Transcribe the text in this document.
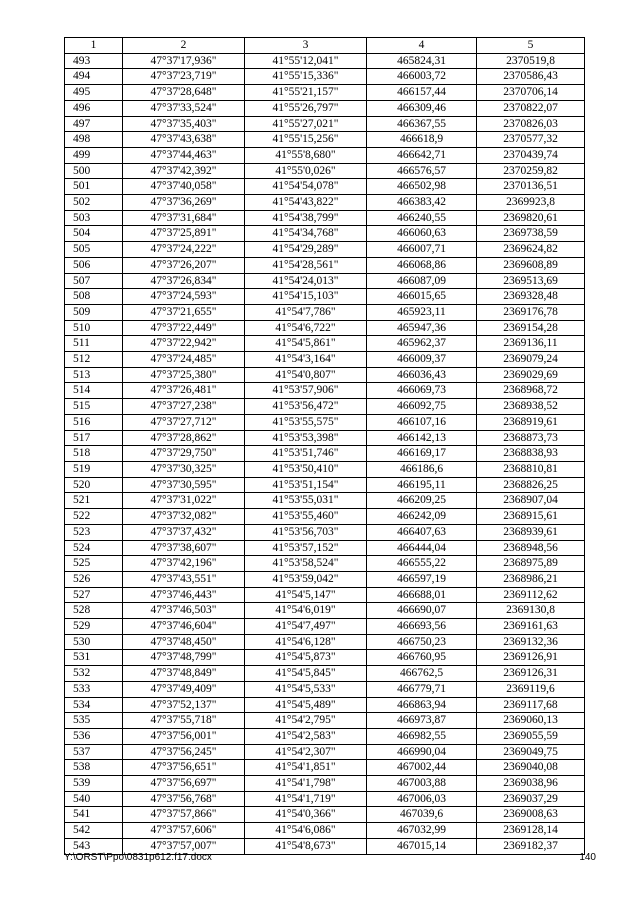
1	2	3	4	5
493	47°37'17,936"	41°55'12,041"	465824,31	2370519,8
494	47°37'23,719"	41°55'15,336"	466003,72	2370586,43
495	47°37'28,648"	41°55'21,157"	466157,44	2370706,14
496	47°37'33,524"	41°55'26,797"	466309,46	2370822,07
497	47°37'35,403"	41°55'27,021"	466367,55	2370826,03
498	47°37'43,638"	41°55'15,256"	466618,9	2370577,32
499	47°37'44,463"	41°55'8,680"	466642,71	2370439,74
500	47°37'42,392"	41°55'0,026"	466576,57	2370259,82
501	47°37'40,058"	41°54'54,078"	466502,98	2370136,51
502	47°37'36,269"	41°54'43,822"	466383,42	2369923,8
503	47°37'31,684"	41°54'38,799"	466240,55	2369820,61
504	47°37'25,891"	41°54'34,768"	466060,63	2369738,59
505	47°37'24,222"	41°54'29,289"	466007,71	2369624,82
506	47°37'26,207"	41°54'28,561"	466068,86	2369608,89
507	47°37'26,834"	41°54'24,013"	466087,09	2369513,69
508	47°37'24,593"	41°54'15,103"	466015,65	2369328,48
509	47°37'21,655"	41°54'7,786"	465923,11	2369176,78
510	47°37'22,449"	41°54'6,722"	465947,36	2369154,28
511	47°37'22,942"	41°54'5,861"	465962,37	2369136,11
512	47°37'24,485"	41°54'3,164"	466009,37	2369079,24
513	47°37'25,380"	41°54'0,807"	466036,43	2369029,69
514	47°37'26,481"	41°53'57,906"	466069,73	2368968,72
515	47°37'27,238"	41°53'56,472"	466092,75	2368938,52
516	47°37'27,712"	41°53'55,575"	466107,16	2368919,61
517	47°37'28,862"	41°53'53,398"	466142,13	2368873,73
518	47°37'29,750"	41°53'51,746"	466169,17	2368838,93
519	47°37'30,325"	41°53'50,410"	466186,6	2368810,81
520	47°37'30,595"	41°53'51,154"	466195,11	2368826,25
521	47°37'31,022"	41°53'55,031"	466209,25	2368907,04
522	47°37'32,082"	41°53'55,460"	466242,09	2368915,61
523	47°37'37,432"	41°53'56,703"	466407,63	2368939,61
524	47°37'38,607"	41°53'57,152"	466444,04	2368948,56
525	47°37'42,196"	41°53'58,524"	466555,22	2368975,89
526	47°37'43,551"	41°53'59,042"	466597,19	2368986,21
527	47°37'46,443"	41°54'5,147"	466688,01	2369112,62
528	47°37'46,503"	41°54'6,019"	466690,07	2369130,8
529	47°37'46,604"	41°54'7,497"	466693,56	2369161,63
530	47°37'48,450"	41°54'6,128"	466750,23	2369132,36
531	47°37'48,799"	41°54'5,873"	466760,95	2369126,91
532	47°37'48,849"	41°54'5,845"	466762,5	2369126,31
533	47°37'49,409"	41°54'5,533"	466779,71	2369119,6
534	47°37'52,137"	41°54'5,489"	466863,94	2369117,68
535	47°37'55,718"	41°54'2,795"	466973,87	2369060,13
536	47°37'56,001"	41°54'2,583"	466982,55	2369055,59
537	47°37'56,245"	41°54'2,307"	466990,04	2369049,75
538	47°37'56,651"	41°54'1,851"	467002,44	2369040,08
539	47°37'56,697"	41°54'1,798"	467003,88	2369038,96
540	47°37'56,768"	41°54'1,719"	467006,03	2369037,29
541	47°37'57,866"	41°54'0,366"	467039,6	2369008,63
542	47°37'57,606"	41°54'6,086"	467032,99	2369128,14
543	47°37'57,007"	41°54'8,673"	467015,14	2369182,37
Y:\ORST\Ppo\0831p612.f17.docx	140
